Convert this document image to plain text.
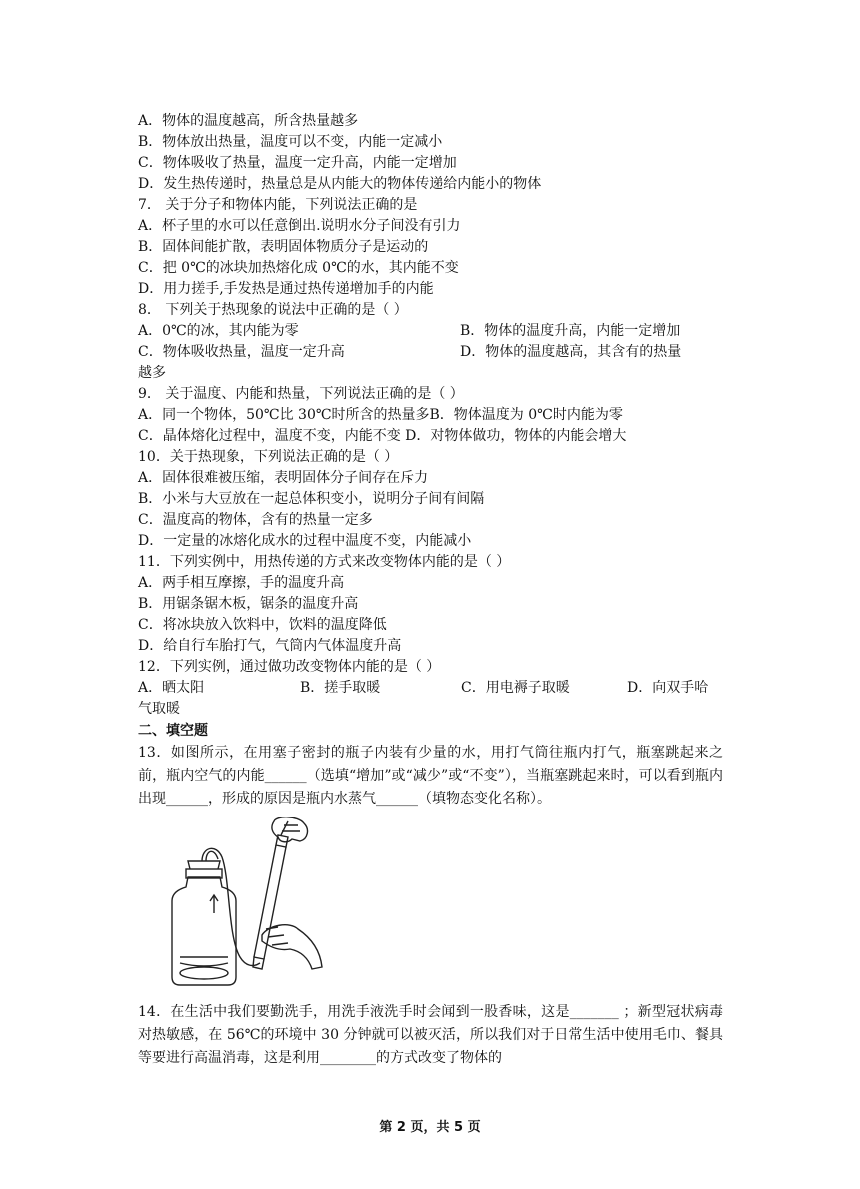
A．物体的温度越高，所含热量越多
B．物体放出热量，温度可以不变，内能一定减小
C．物体吸收了热量，温度一定升高，内能一定增加
D．发生热传递时，热量总是从内能大的物体传递给内能小的物体
7． 关于分子和物体内能，下列说法正确的是
A．杯子里的水可以任意倒出.说明水分子间没有引力
B．固体间能扩散，表明固体物质分子是运动的
C．把 0℃的冰块加热熔化成 0℃的水，其内能不变
D．用力搓手,手发热是通过热传递增加手的内能
8． 下列关于热现象的说法中正确的是（ ）
A．0℃的冰，其内能为零	B．物体的温度升高，内能一定增加
C．物体吸收热量，温度一定升高	D．物体的温度越高，其含有的热量
越多
9． 关于温度、内能和热量，下列说法正确的是（ ）
A．同一个物体，50℃比 30℃时所含的热量多B．物体温度为 0℃时内能为零
C．晶体熔化过程中，温度不变，内能不变 D．对物体做功，物体的内能会增大
10．关于热现象，下列说法正确的是（ ）
A．固体很难被压缩，表明固体分子间存在斥力
B．小米与大豆放在一起总体积变小，说明分子间有间隔
C．温度高的物体，含有的热量一定多
D．一定量的冰熔化成水的过程中温度不变，内能减小
11．下列实例中，用热传递的方式来改变物体内能的是（ ）
A．两手相互摩擦，手的温度升高
B．用锯条锯木板，锯条的温度升高
C．将冰块放入饮料中，饮料的温度降低
D．给自行车胎打气，气筒内气体温度升高
12．下列实例，通过做功改变物体内能的是（ ）
A．晒太阳	B．搓手取暖	C．用电褥子取暖	D．向双手哈
气取暖
二、填空题
13．如图所示，在用塞子密封的瓶子内装有少量的水，用打气筒往瓶内打气，瓶塞跳起来之前，瓶内空气的内能______（选填“增加”或“减少”或“不变”），当瓶塞跳起来时，可以看到瓶内出现______，形成的原因是瓶内水蒸气______（填物态变化名称）。
14．在生活中我们要勤洗手，用洗手液洗手时会闻到一股香味，这是_______ ；新型冠状病毒对热敏感，在 56℃的环境中 30 分钟就可以被灭活，所以我们对于日常生活中使用毛巾、餐具等要进行高温消毒，这是利用________的方式改变了物体的
第 2 页，共 5 页
